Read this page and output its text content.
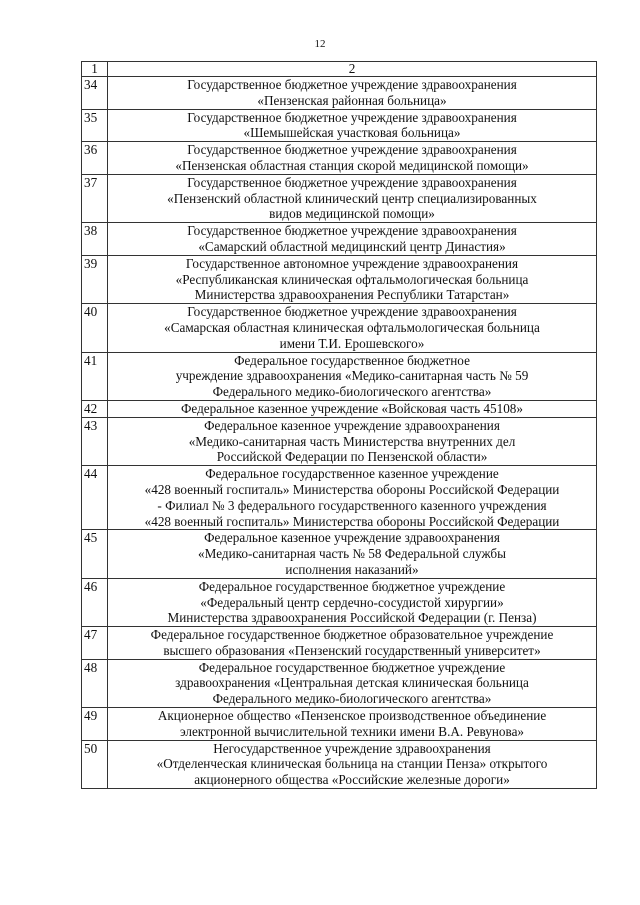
12
1	2
34	Государственное бюджетное учреждение здравоохранения
«Пензенская районная больница»

35	Государственное бюджетное учреждение здравоохранения
«Шемышейская участковая больница»

36	Государственное бюджетное учреждение здравоохранения
«Пензенская областная станция скорой медицинской помощи»

37	Государственное бюджетное учреждение здравоохранения
«Пензенский областной клинический центр специализированных
видов медицинской помощи»

38	Государственное бюджетное учреждение здравоохранения
«Самарский областной медицинский центр Династия»

39	Государственное автономное учреждение здравоохранения
«Республиканская клиническая офтальмологическая больница
Министерства здравоохранения Республики Татарстан»

40	Государственное бюджетное учреждение здравоохранения
«Самарская областная клиническая офтальмологическая больница
имени Т.И. Ерошевского»

41	Федеральное государственное бюджетное
учреждение здравоохранения «Медико-санитарная часть № 59
Федерального медико-биологического агентства»

42	Федеральное казенное учреждение «Войсковая часть 45108»

43	Федеральное казенное учреждение здравоохранения
«Медико-санитарная часть Министерства внутренних дел
Российской Федерации по Пензенской области»

44	Федеральное государственное казенное учреждение
«428 военный госпиталь» Министерства обороны Российской Федерации
- Филиал № 3 федерального государственного казенного учреждения
«428 военный госпиталь» Министерства обороны Российской Федерации

45	Федеральное казенное учреждение здравоохранения
«Медико-санитарная часть № 58 Федеральной службы
исполнения наказаний»

46	Федеральное государственное бюджетное учреждение
«Федеральный центр сердечно-сосудистой хирургии»
Министерства здравоохранения Российской Федерации (г. Пенза)

47	Федеральное государственное бюджетное образовательное учреждение
высшего образования «Пензенский государственный университет»

48	Федеральное государственное бюджетное учреждение
здравоохранения «Центральная детская клиническая больница
Федерального медико-биологического агентства»

49	Акционерное общество «Пензенское производственное объединение
электронной вычислительной техники имени В.А. Ревунова»

50	Негосударственное учреждение здравоохранения
«Отделенческая клиническая больница на станции Пенза» открытого
акционерного общества «Российские железные дороги»
